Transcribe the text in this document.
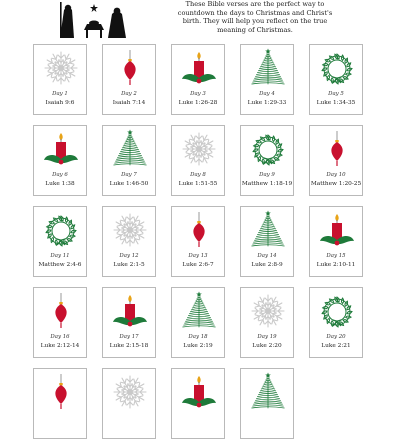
These Bible verses are the perfect way to countdown the days to Christmas and Christ's birth. They will help you reflect on the true meaning of Christmas.
Day 1
Isaiah 9:6
Day 2
Isaiah 7:14
Day 3
Luke 1:26-28
Day 4
Luke 1:29-33
Day 5
Luke 1:34-35
Day 6
Luke 1:38
Day 7
Luke 1:46-50
Day 8
Luke 1:51-55
Day 9
Matthew 1:18-19
Day 10
Matthew 1:20-25
Day 11
Matthew 2:4-6
Day 12
Luke 2:1-5
Day 13
Luke 2:6-7
Day 14
Luke 2:8-9
Day 15
Luke 2:10-11
Day 16
Luke 2:12-14
Day 17
Luke 2:15-18
Day 18
Luke 2:19
Day 19
Luke 2:20
Day 20
Luke 2:21
